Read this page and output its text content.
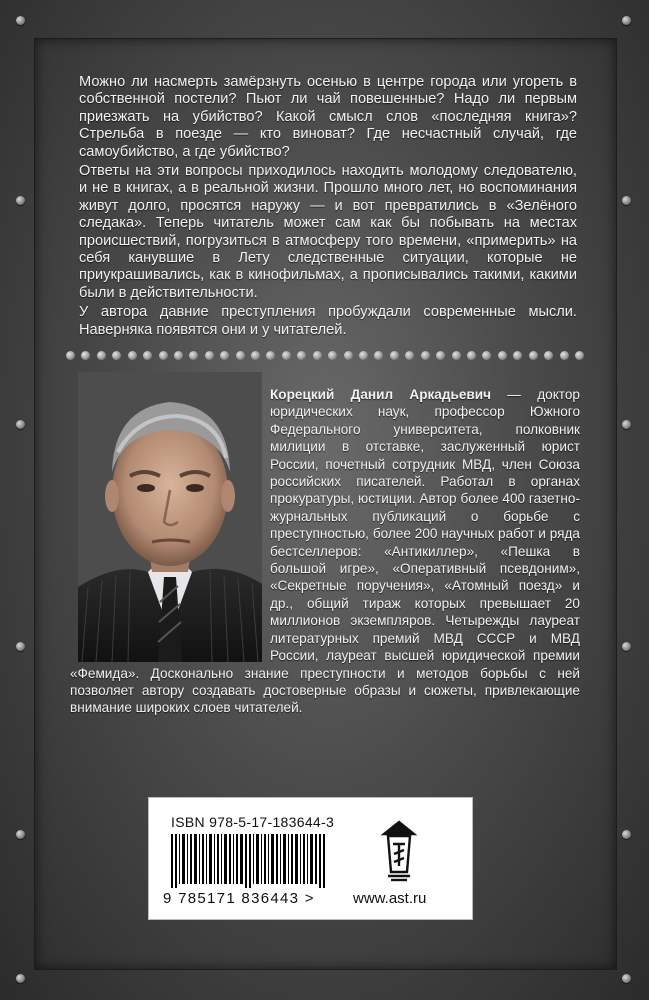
Можно ли насмерть замёрзнуть осенью в центре города или угореть в собственной постели? Пьют ли чай повешенные? Надо ли первым приезжать на убийство? Какой смысл слов «последняя книга»? Стрельба в поезде — кто виноват? Где несчастный случай, где самоубийство, а где убийство?

Ответы на эти вопросы приходилось находить молодому следователю, и не в книгах, а в реальной жизни. Прошло много лет, но воспоминания живут долго, просятся наружу — и вот превратились в «Зелёного следака». Теперь читатель может сам как бы побывать на местах происшествий, погрузиться в атмосферу того времени, «примерить» на себя канувшие в Лету следственные ситуации, которые не приукрашивались, как в кинофильмах, а прописывались такими, какими были в действительности.

У автора давние преступления пробуждали современные мысли. Наверняка появятся они и у читателей.

Корецкий Данил Аркадьевич — доктор юридических наук, профессор Южного Федерального университета, полковник милиции в отставке, заслуженный юрист России, почетный сотрудник МВД, член Союза российских писателей. Работал в органах прокуратуры, юстиции. Автор более 400 газетно-журнальных публикаций о борьбе с преступностью, более 200 научных работ и ряда бестселлеров: «Антикиллер», «Пешка в большой игре», «Оперативный псевдоним», «Секретные поручения», «Атомный поезд» и др., общий тираж которых превышает 20 миллионов экземпляров. Четырежды лауреат литературных премий МВД СССР и МВД России, лауреат высшей юридической премии «Фемида». Досконально знание преступности и методов борьбы с ней позволяет автору создавать достоверные образы и сюжеты, привлекающие внимание широких слоев читателей.
ISBN 978-5-17-183644-3
9 785171 836443 >	www.ast.ru
